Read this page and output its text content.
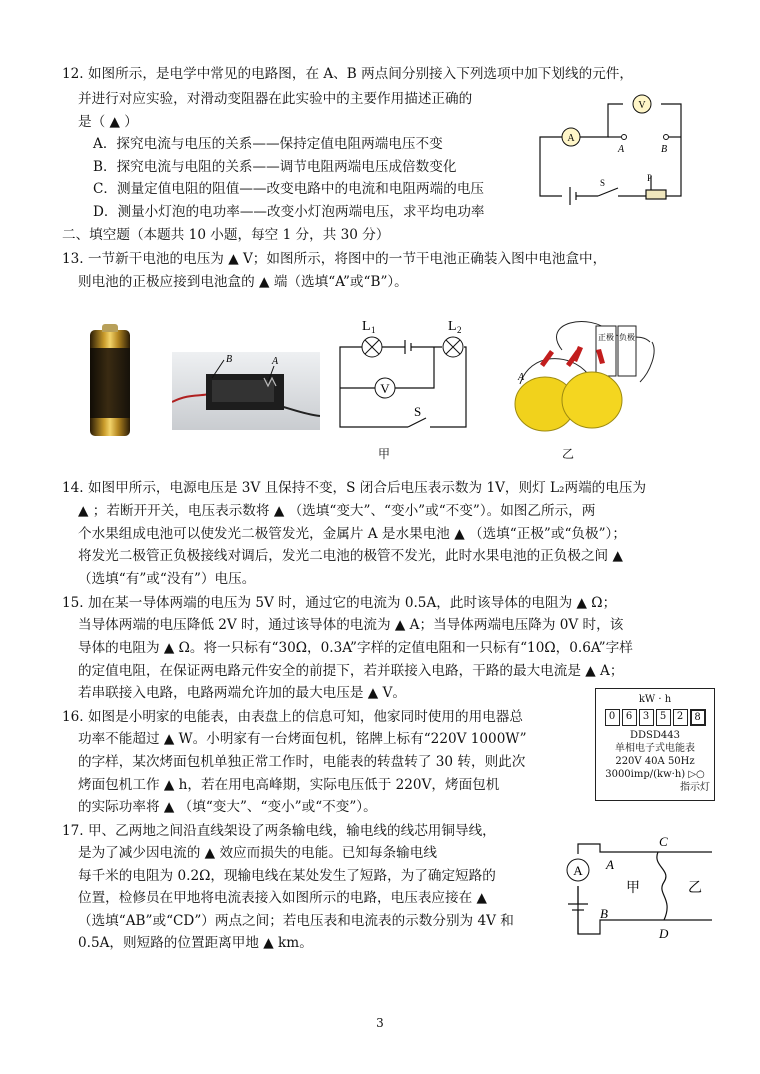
12. 如图所示，是电学中常见的电路图，在 A、B 两点间分别接入下列选项中加下划线的元件，
并进行对应实验，对滑动变阻器在此实验中的主要作用描述正确的
是（ ▲ ）
A．探究电流与电压的关系——保持定值电阻两端电压不变
B．探究电流与电阻的关系——调节电阻两端电压成倍数变化
C．测量定值电阻的阻值——改变电路中的电流和电阻两端的电压
D．测量小灯泡的电功率——改变小灯泡两端电压，求平均电功率
V
A
A	B
S	P
二、填空题（本题共 10 小题，每空 1 分，共 30 分）
13. 一节新干电池的电压为 ▲ V；如图所示，将图中的一节干电池正确装入图中电池盒中，
则电池的正极应接到电池盒的 ▲ 端（选填“A”或“B”）。
B	A
V
L 1	L 2
S
甲
正极 负极
A
乙
14. 如图甲所示，电源电压是 3V 且保持不变，S 闭合后电压表示数为 1V，则灯 L₂两端的电压为
▲ ；若断开开关，电压表示数将 ▲ （选填“变大”、“变小”或“不变”）。如图乙所示，两
个水果组成电池可以使发光二极管发光，金属片 A 是水果电池 ▲ （选填“正极”或“负极”）；
将发光二极管正负极接线对调后，发光二电池的极管不发光，此时水果电池的正负极之间 ▲
（选填“有”或“没有”）电压。
15. 加在某一导体两端的电压为 5V 时，通过它的电流为 0.5A，此时该导体的电阻为 ▲ Ω；
当导体两端的电压降低 2V 时，通过该导体的电流为 ▲ A；当导体两端电压降为 0V 时，该
导体的电阻为 ▲ Ω。将一只标有“30Ω，0.3A”字样的定值电阻和一只标有“10Ω，0.6A”字样
的定值电阻，在保证两电路元件安全的前提下，若并联接入电路，干路的最大电流是 ▲ A；
若串联接入电路，电路两端允许加的最大电压是 ▲ V。
16. 如图是小明家的电能表，由表盘上的信息可知，他家同时使用的用电器总
功率不能超过 ▲ W。小明家有一台烤面包机，铭牌上标有“220V 1000W”
的字样，某次烤面包机单独正常工作时，电能表的转盘转了 30 转，则此次
烤面包机工作 ▲ h，若在用电高峰期，实际电压低于 220V，烤面包机
的实际功率将 ▲ （填“变大”、“变小”或“不变”）。
kW · h
0	6	3	5	2	8
DDSD443
单相电子式电能表
220V 40A 50Hz
3000imp/(kw·h) ▷○
指示灯
17. 甲、乙两地之间沿直线架设了两条输电线，输电线的线芯用铜导线，
是为了减少因电流的 ▲ 效应而损失的电能。已知每条输电线
每千米的电阻为 0.2Ω，现输电线在某处发生了短路，为了确定短路的
位置，检修员在甲地将电流表接入如图所示的电路，电压表应接在 ▲
（选填“AB”或“CD”）两点之间；若电压表和电流表的示数分别为 4V 和
0.5A，则短路的位置距离甲地 ▲ km。
A A
B
C
D
甲	乙
3
